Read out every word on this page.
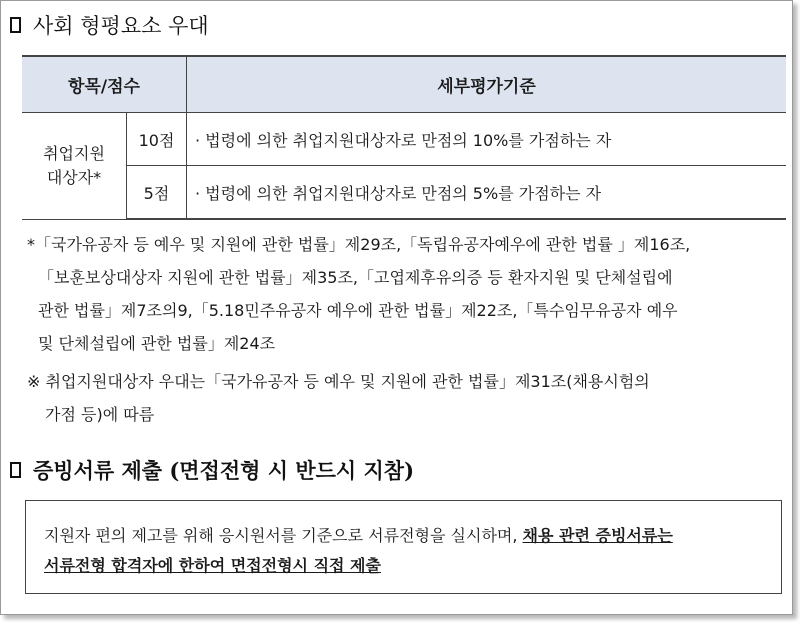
사회 형평요소 우대
항목/점수		세부평가기준
취업지원
대상자*	10점	· 법령에 의한 취업지원대상자로 만점의 10%를 가점하는 자
	5점	· 법령에 의한 취업지원대상자로 만점의 5%를 가점하는 자
*「국가유공자 등 예우 및 지원에 관한 법률」제29조,「독립유공자예우에 관한 법률 」제16조,
「보훈보상대상자 지원에 관한 법률」제35조,「고엽제후유의증 등 환자지원 및 단체설립에
관한 법률」제7조의9,「5.18민주유공자 예우에 관한 법률」제22조,「특수임무유공자 예우
및 단체설립에 관한 법률」제24조
※ 취업지원대상자 우대는「국가유공자 등 예우 및 지원에 관한 법률」제31조(채용시험의
가점 등)에 따름
증빙서류 제출 (면접전형 시 반드시 지참)
지원자 편의 제고를 위해 응시원서를 기준으로 서류전형을 실시하며, 채용 관련 증빙서류는
서류전형 합격자에 한하여 면접전형시 직접 제출
